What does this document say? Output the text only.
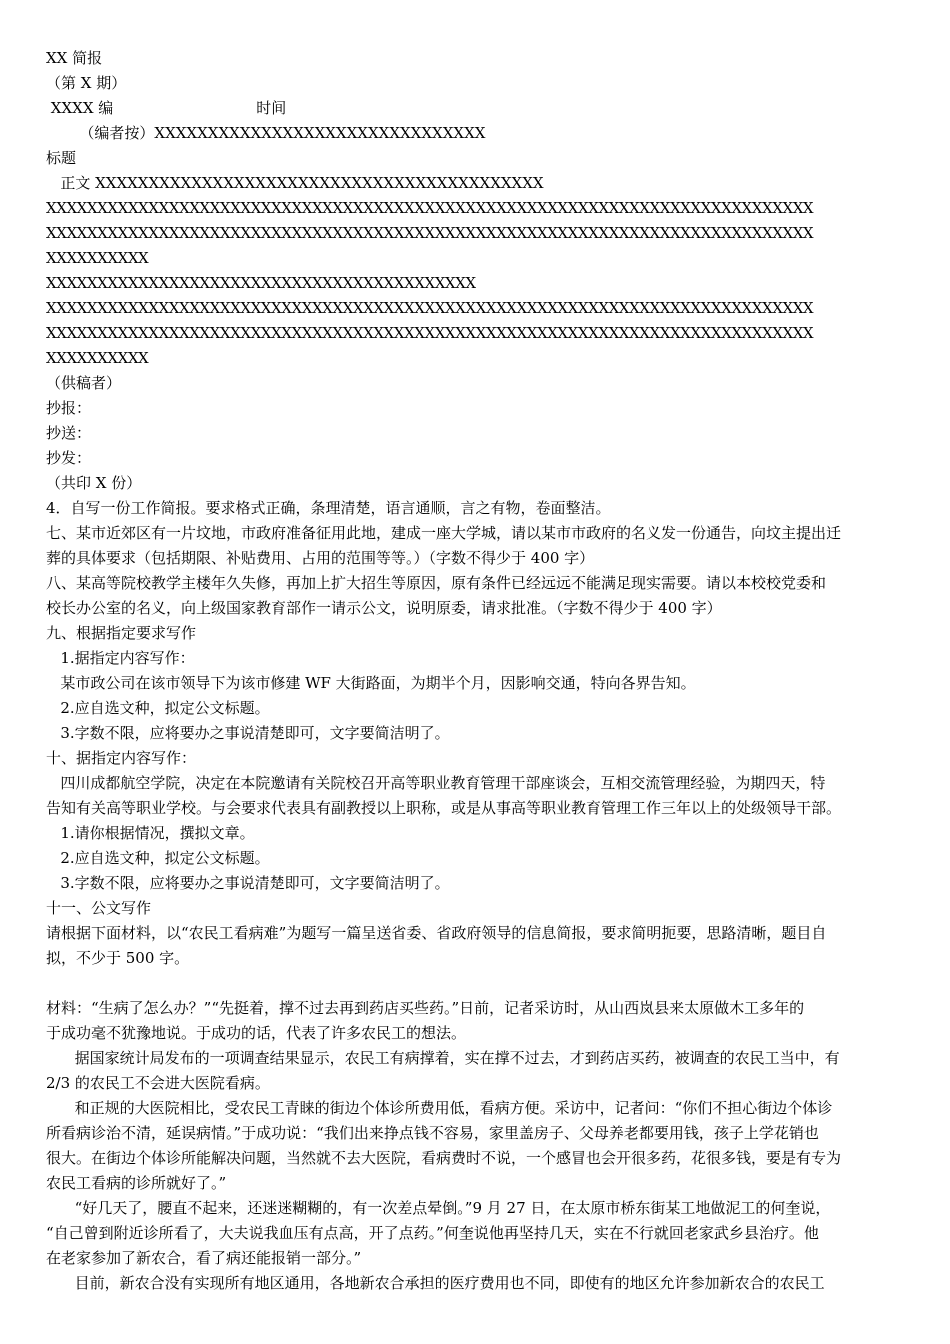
XX 简报

（第 X 期）

XXXX 编                              时间

（编者按）XXXXXXXXXXXXXXXXXXXXXXXXXXXXXXX

标题

正文 XXXXXXXXXXXXXXXXXXXXXXXXXXXXXXXXXXXXXXXXXX

XXXXXXXXXXXXXXXXXXXXXXXXXXXXXXXXXXXXXXXXXXXXXXXXXXXXXXXXXXXXXXXXXXXXXXXXXXX

XXXXXXXXXXXXXXXXXXXXXXXXXXXXXXXXXXXXXXXXXXXXXXXXXXXXXXXXXXXXXXXXXXXXXXXXXXX

XXXXXXXXXX

XXXXXXXXXXXXXXXXXXXXXXXXXXXXXXXXXXXXXXXXXX

XXXXXXXXXXXXXXXXXXXXXXXXXXXXXXXXXXXXXXXXXXXXXXXXXXXXXXXXXXXXXXXXXXXXXXXXXXX

XXXXXXXXXXXXXXXXXXXXXXXXXXXXXXXXXXXXXXXXXXXXXXXXXXXXXXXXXXXXXXXXXXXXXXXXXXX

XXXXXXXXXX

（供稿者）

抄报：

抄送：

抄发：

（共印 X 份）

4．自写一份工作简报。要求格式正确，条理清楚，语言通顺，言之有物，卷面整洁。

七、某市近郊区有一片坟地，市政府准备征用此地，建成一座大学城，请以某市市政府的名义发一份通告，向坟主提出迁

葬的具体要求（包括期限、补贴费用、占用的范围等等。）（字数不得少于 400 字）

八、某高等院校教学主楼年久失修，再加上扩大招生等原因，原有条件已经远远不能满足现实需要。请以本校校党委和

校长办公室的名义，向上级国家教育部作一请示公文，说明原委，请求批准。（字数不得少于 400 字）

九、根据指定要求写作

1.据指定内容写作：

某市政公司在该市领导下为该市修建 WF 大街路面，为期半个月，因影响交通，特向各界告知。

2.应自选文种，拟定公文标题。

3.字数不限，应将要办之事说清楚即可，文字要简洁明了。

十、据指定内容写作：

四川成都航空学院，决定在本院邀请有关院校召开高等职业教育管理干部座谈会，互相交流管理经验，为期四天，特

告知有关高等职业学校。与会要求代表具有副教授以上职称，或是从事高等职业教育管理工作三年以上的处级领导干部。

1.请你根据情况，撰拟文章。

2.应自选文种，拟定公文标题。

3.字数不限，应将要办之事说清楚即可，文字要简洁明了。

十一、公文写作

请根据下面材料，以“农民工看病难”为题写一篇呈送省委、省政府领导的信息简报，要求简明扼要，思路清晰，题目自

拟，不少于 500 字。

材料：“生病了怎么办？”“先挺着，撑不过去再到药店买些药。”日前，记者采访时，从山西岚县来太原做木工多年的

于成功毫不犹豫地说。于成功的话，代表了许多农民工的想法。

据国家统计局发布的一项调查结果显示，农民工有病撑着，实在撑不过去，才到药店买药，被调查的农民工当中，有

2/3 的农民工不会进大医院看病。

和正规的大医院相比，受农民工青睐的街边个体诊所费用低，看病方便。采访中，记者问：“你们不担心街边个体诊

所看病诊治不清，延误病情。”于成功说：“我们出来挣点钱不容易，家里盖房子、父母养老都要用钱，孩子上学花销也

很大。在街边个体诊所能解决问题，当然就不去大医院，看病费时不说，一个感冒也会开很多药，花很多钱，要是有专为

农民工看病的诊所就好了。”

“好几天了，腰直不起来，还迷迷糊糊的，有一次差点晕倒。”9 月 27 日，在太原市桥东街某工地做泥工的何奎说，

“自己曾到附近诊所看了，大夫说我血压有点高，开了点药。”何奎说他再坚持几天，实在不行就回老家武乡县治疗。他

在老家参加了新农合，看了病还能报销一部分。”

目前，新农合没有实现所有地区通用，各地新农合承担的医疗费用也不同，即使有的地区允许参加新农合的农民工
